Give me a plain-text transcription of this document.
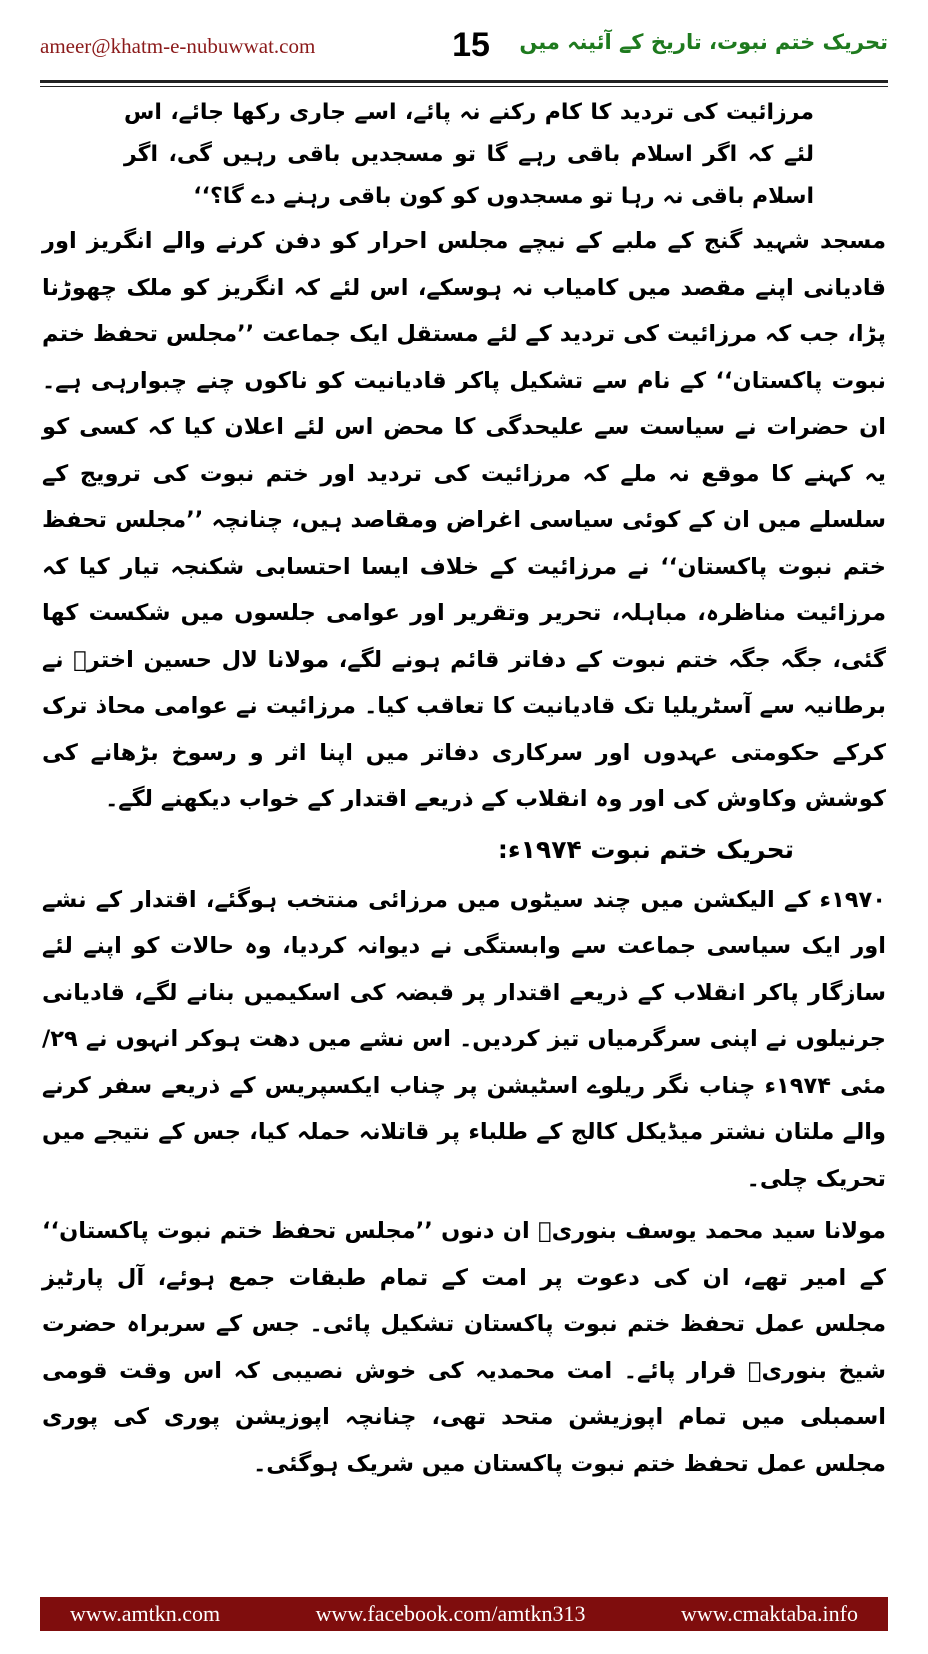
ameer@khatm-e-nubuwwat.com	15	تحریک ختم نبوت، تاریخ کے آئینہ میں

مرزائیت کی تردید کا کام رکنے نہ پائے، اسے جاری رکھا جائے، اس لئے کہ اگر اسلام باقی رہے گا تو مسجدیں باقی رہیں گی، اگر اسلام باقی نہ رہا تو مسجدوں کو کون باقی رہنے دے گا؟‘‘

مسجد شہید گنج کے ملبے کے نیچے مجلس احرار کو دفن کرنے والے انگریز اور قادیانی اپنے مقصد میں کامیاب نہ ہوسکے، اس لئے کہ انگریز کو ملک چھوڑنا پڑا، جب کہ مرزائیت کی تردید کے لئے مستقل ایک جماعت ’’مجلس تحفظ ختم نبوت پاکستان‘‘ کے نام سے تشکیل پاکر قادیانیت کو ناکوں چنے چبوارہی ہے۔ ان حضرات نے سیاست سے علیحدگی کا محض اس لئے اعلان کیا کہ کسی کو یہ کہنے کا موقع نہ ملے کہ مرزائیت کی تردید اور ختم نبوت کی ترویج کے سلسلے میں ان کے کوئی سیاسی اغراض ومقاصد ہیں، چنانچہ ’’مجلس تحفظ ختم نبوت پاکستان‘‘ نے مرزائیت کے خلاف ایسا احتسابی شکنجہ تیار کیا کہ مرزائیت مناظرہ، مباہلہ، تحریر وتقریر اور عوامی جلسوں میں شکست کھا گئی، جگہ جگہ ختم نبوت کے دفاتر قائم ہونے لگے، مولانا لال حسین اخترؒ نے برطانیہ سے آسٹریلیا تک قادیانیت کا تعاقب کیا۔ مرزائیت نے عوامی محاذ ترک کرکے حکومتی عہدوں اور سرکاری دفاتر میں اپنا اثر و رسوخ بڑھانے کی کوشش وکاوش کی اور وہ انقلاب کے ذریعے اقتدار کے خواب دیکھنے لگے۔

تحریک ختم نبوت ۱۹۷۴ء:

۱۹۷۰ء کے الیکشن میں چند سیٹوں میں مرزائی منتخب ہوگئے، اقتدار کے نشے اور ایک سیاسی جماعت سے وابستگی نے دیوانہ کردیا، وہ حالات کو اپنے لئے سازگار پاکر انقلاب کے ذریعے اقتدار پر قبضہ کی اسکیمیں بنانے لگے، قادیانی جرنیلوں نے اپنی سرگرمیاں تیز کردیں۔ اس نشے میں دھت ہوکر انہوں نے ۲۹/مئی ۱۹۷۴ء چناب نگر ریلوے اسٹیشن پر چناب ایکسپریس کے ذریعے سفر کرنے والے ملتان نشتر میڈیکل کالج کے طلباء پر قاتلانہ حملہ کیا، جس کے نتیجے میں تحریک چلی۔

مولانا سید محمد یوسف بنوریؒ ان دنوں ’’مجلس تحفظ ختم نبوت پاکستان‘‘ کے امیر تھے، ان کی دعوت پر امت کے تمام طبقات جمع ہوئے، آل پارٹیز مجلس عمل تحفظ ختم نبوت پاکستان تشکیل پائی۔ جس کے سربراہ حضرت شیخ بنوریؒ قرار پائے۔ امت محمدیہ کی خوش نصیبی کہ اس وقت قومی اسمبلی میں تمام اپوزیشن متحد تھی، چنانچہ اپوزیشن پوری کی پوری مجلس عمل تحفظ ختم نبوت پاکستان میں شریک ہوگئی۔

www.amtkn.com	www.facebook.com/amtkn313	www.cmaktaba.info
